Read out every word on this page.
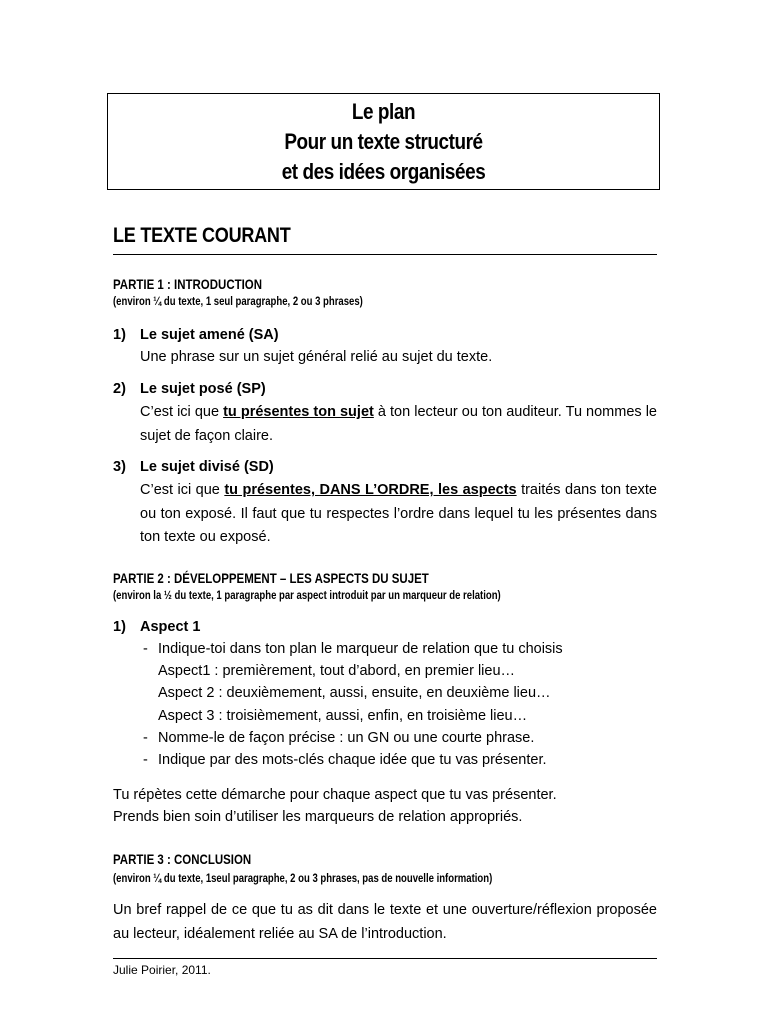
Le plan
Pour un texte structuré
et des idées organisées
LE TEXTE COURANT
PARTIE 1 : INTRODUCTION
(environ ¼ du texte, 1 seul paragraphe, 2 ou 3 phrases)
1) Le sujet amené (SA)
Une phrase sur un sujet général relié au sujet du texte.
2) Le sujet posé (SP)
C’est ici que tu présentes ton sujet à ton lecteur ou ton auditeur. Tu nommes le sujet de façon claire.
3) Le sujet divisé (SD)
C’est ici que tu présentes, DANS L’ORDRE, les aspects traités dans ton texte ou ton exposé. Il faut que tu respectes l’ordre dans lequel tu les présentes dans ton texte ou exposé.
PARTIE 2 : DÉVELOPPEMENT – LES ASPECTS DU SUJET
(environ la ½ du texte, 1 paragraphe par aspect introduit par un marqueur de relation)
1) Aspect 1
- Indique-toi dans ton plan le marqueur de relation que tu choisis
Aspect1 : premièrement, tout d’abord, en premier lieu…
Aspect 2 : deuxièmement, aussi, ensuite, en deuxième lieu…
Aspect 3 : troisièmement, aussi, enfin, en troisième lieu…
- Nomme-le de façon précise : un GN ou une courte phrase.
- Indique par des mots-clés chaque idée que tu vas présenter.
Tu répètes cette démarche pour chaque aspect que tu vas présenter.
Prends bien soin d’utiliser les marqueurs de relation appropriés.
PARTIE 3 : CONCLUSION
(environ ¼ du texte, 1seul paragraphe, 2 ou 3 phrases, pas de nouvelle information)
Un bref rappel de ce que tu as dit dans le texte et une ouverture/réflexion proposée au lecteur, idéalement reliée au SA de l’introduction.
Julie Poirier, 2011.
